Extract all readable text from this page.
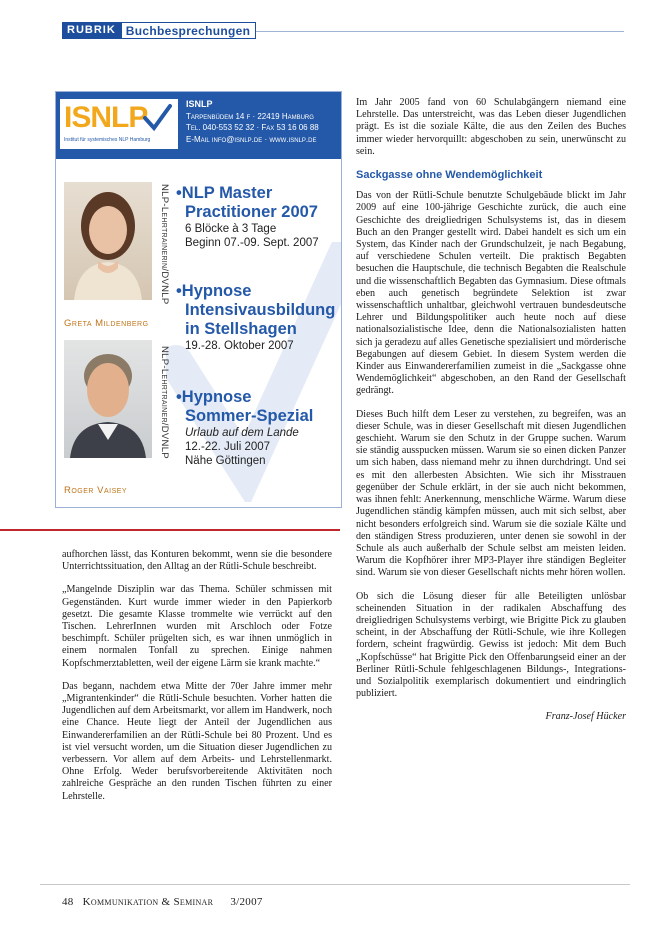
RUBRIK Buchbesprechungen
ISNLP
Institut für systemisches NLP Hamburg
ISNLP
Tarpenbüdem 14 f · 22419 Hamburg
Tel. 040-553 52 32 · Fax 53 16 06 88
E-Mail info@isnlp.de · www.isnlp.de
NLP-Lehrtrainerin/DVNLP
Greta Mildenberg
NLP-Lehrtrainer/DVNLP
Roger Vaisey
•NLP Master
Practitioner 2007
6 Blöcke à 3 Tage
Beginn 07.-09. Sept. 2007
•Hypnose
Intensivausbildung
in Stellshagen
19.-28. Oktober 2007
•Hypnose
Sommer-Spezial
Urlaub auf dem Lande
12.-22. Juli 2007
Nähe Göttingen

aufhorchen lässt, das Konturen bekommt, wenn sie die besondere Unterrichtssituation, den Alltag an der Rütli-Schule beschreibt.

„Mangelnde Disziplin war das Thema. Schüler schmissen mit Gegenständen. Kurt wurde immer wieder in den Papierkorb gesetzt. Die gesamte Klasse trommelte wie verrückt auf den Tischen. LehrerInnen wurden mit Arschloch oder Fotze beschimpft. Schüler prügelten sich, es war ihnen unmöglich in einem normalen Tonfall zu sprechen. Einige nahmen Kopfschmerztabletten, weil der eigene Lärm sie krank machte.“

Das begann, nachdem etwa Mitte der 70er Jahre immer mehr „Migrantenkinder“ die Rütli-Schule besuchten. Vorher hatten die Jugendlichen auf dem Arbeitsmarkt, vor allem im Handwerk, noch eine Chance. Heute liegt der Anteil der Jugendlichen aus Einwandererfamilien an der Rütli-Schule bei 80 Prozent. Und es ist viel versucht worden, um die Situation dieser Jugendlichen zu verbessern. Vor allem auf dem Arbeits- und Lehrstellenmarkt. Ohne Erfolg. Weder berufsvorbereitende Aktivitäten noch zahlreiche Gespräche an den runden Tischen führten zu einer Lehrstelle.

Im Jahr 2005 fand von 60 Schulabgängern niemand eine Lehrstelle. Das unterstreicht, was das Leben dieser Jugendlichen prägt. Es ist die soziale Kälte, die aus den Zeilen des Buches immer wieder hervorquillt: abgeschoben zu sein, unerwünscht zu sein.

Sackgasse ohne Wendemöglichkeit

Das von der Rütli-Schule benutzte Schulgebäude blickt im Jahr 2009 auf eine 100-jährige Geschichte zurück, die auch eine Geschichte des dreigliedrigen Schulsystems ist, das in diesem Buch an den Pranger gestellt wird. Dabei handelt es sich um ein System, das Kinder nach der Grundschulzeit, je nach Begabung, auf verschiedene Schulen verteilt. Die praktisch Begabten besuchen die Hauptschule, die technisch Begabten die Realschule und die wissenschaftlich Begabten das Gymnasium. Diese oftmals eben auch genetisch begründete Selektion ist zwar wissenschaftlich unhaltbar, gleichwohl vertrauen bundesdeutsche Lehrer und Bildungspolitiker auch heute noch auf diese nationalsozialistische Idee, denn die Nationalsozialisten hatten sich ja geradezu auf alles Genetische spezialisiert und mörderische Begabungen auf diesem Gebiet. In diesem System werden die Kinder aus Einwandererfamilien zumeist in die „Sackgasse ohne Wendemöglichkeit“ abgeschoben, an den Rand der Gesellschaft gedrängt.

Dieses Buch hilft dem Leser zu verstehen, zu begreifen, was an dieser Schule, was in dieser Gesellschaft mit diesen Jugendlichen geschieht. Warum sie den Schutz in der Gruppe suchen. Warum sie ständig ausspucken müssen. Warum sie so einen dicken Panzer um sich haben, dass niemand mehr zu ihnen durchdringt. Und sei es mit den allerbesten Absichten. Wie sich ihr Misstrauen gegenüber der Schule erklärt, in der sie auch nicht bekommen, was ihnen fehlt: Anerkennung, menschliche Wärme. Warum diese Jugendlichen ständig kämpfen müssen, auch mit sich selbst, aber nicht besonders erfolgreich sind. Warum sie die soziale Kälte und den ständigen Stress produzieren, unter denen sie sowohl in der Schule als auch außerhalb der Schule selbst am meisten leiden. Warum die Kopfhörer ihrer MP3-Player ihre ständigen Begleiter sind. Warum sie von dieser Gesellschaft nichts mehr hören wollen.

Ob sich die Lösung dieser für alle Beteiligten unlösbar scheinenden Situation in der radikalen Abschaffung des dreigliedrigen Schulsystems verbirgt, wie Brigitte Pick zu glauben scheint, in der Abschaffung der Rütli-Schule, wie ihre Kollegen fordern, scheint fragwürdig. Gewiss ist jedoch: Mit dem Buch „Kopfschüsse“ hat Brigitte Pick den Offenbarungseid einer an der Berliner Rütli-Schule fehlgeschlagenen Bildungs-, Integrations- und Sozialpolitik exemplarisch dokumentiert und eindringlich publiziert.

Franz-Josef Hücker
48 Kommunikation & Seminar 3/2007
